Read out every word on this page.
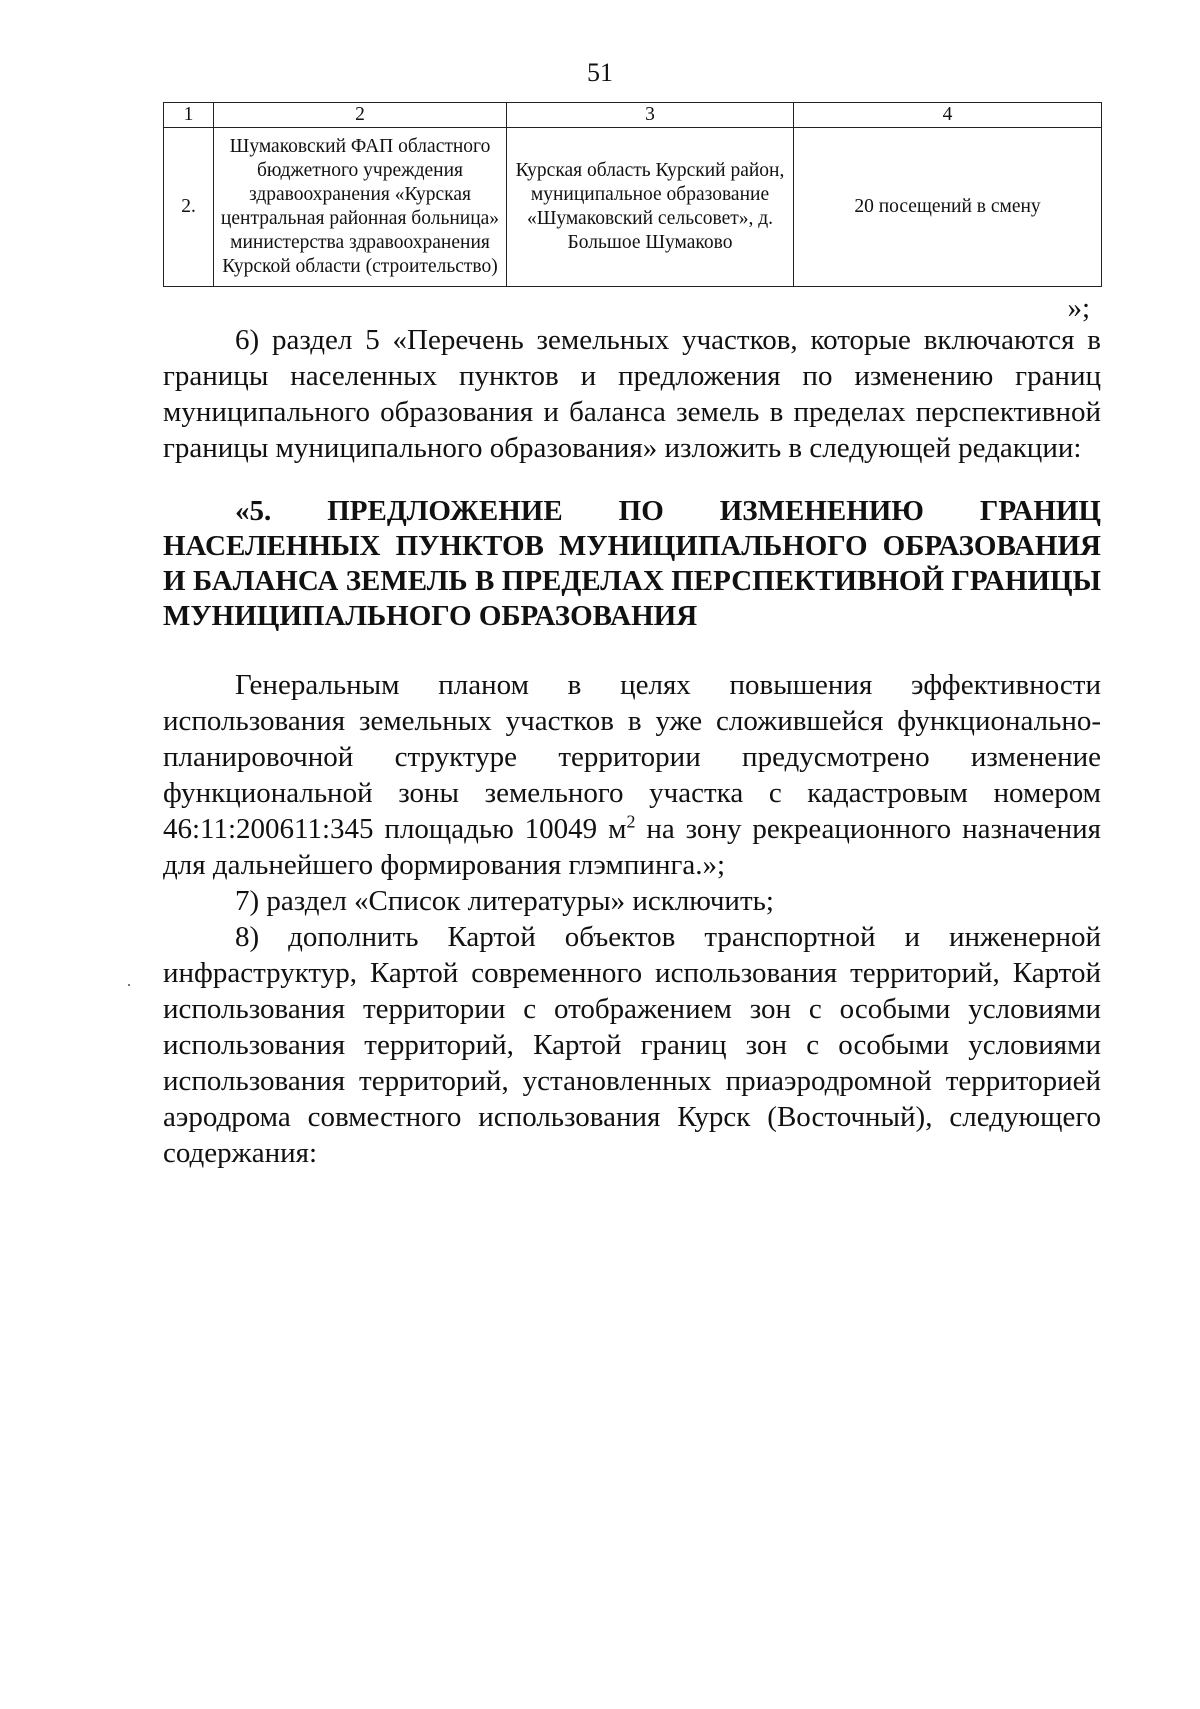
51
1	2	3	4
2.	Шумаковский ФАП областного бюджетного учреждения здравоохранения «Курская центральная районная больница» министерства здравоохранения Курской области (строительство)	Курская область Курский район, муниципальное образование «Шумаковский сельсовет», д. Большое Шумаково	20 посещений в смену
»;

6) раздел 5 «Перечень земельных участков, которые включаются в границы населенных пунктов и предложения по изменению границ муниципального образования и баланса земель в пределах перспективной границы муниципального образования» изложить в следующей редакции:

«5. ПРЕДЛОЖЕНИЕ ПО ИЗМЕНЕНИЮ ГРАНИЦ НАСЕЛЕННЫХ ПУНКТОВ МУНИЦИПАЛЬНОГО ОБРАЗОВАНИЯ И БАЛАНСА ЗЕМЕЛЬ В ПРЕДЕЛАХ ПЕРСПЕКТИВНОЙ ГРАНИЦЫ МУНИЦИПАЛЬНОГО ОБРАЗОВАНИЯ

Генеральным планом в целях повышения эффективности использования земельных участков в уже сложившейся функционально-планировочной структуре территории предусмотрено изменение функциональной зоны земельного участка с кадастровым номером 46:11:200611:345 площадью 10049 $м^2$ на зону рекреационного назначения для дальнейшего формирования глэмпинга.»;

7) раздел «Список литературы» исключить;

8) дополнить Картой объектов транспортной и инженерной инфраструктур, Картой современного использования территорий, Картой использования территории с отображением зон с особыми условиями использования территорий, Картой границ зон с особыми условиями использования территорий, установленных приаэродромной территорией аэродрома совместного использования Курск (Восточный), следующего содержания:
